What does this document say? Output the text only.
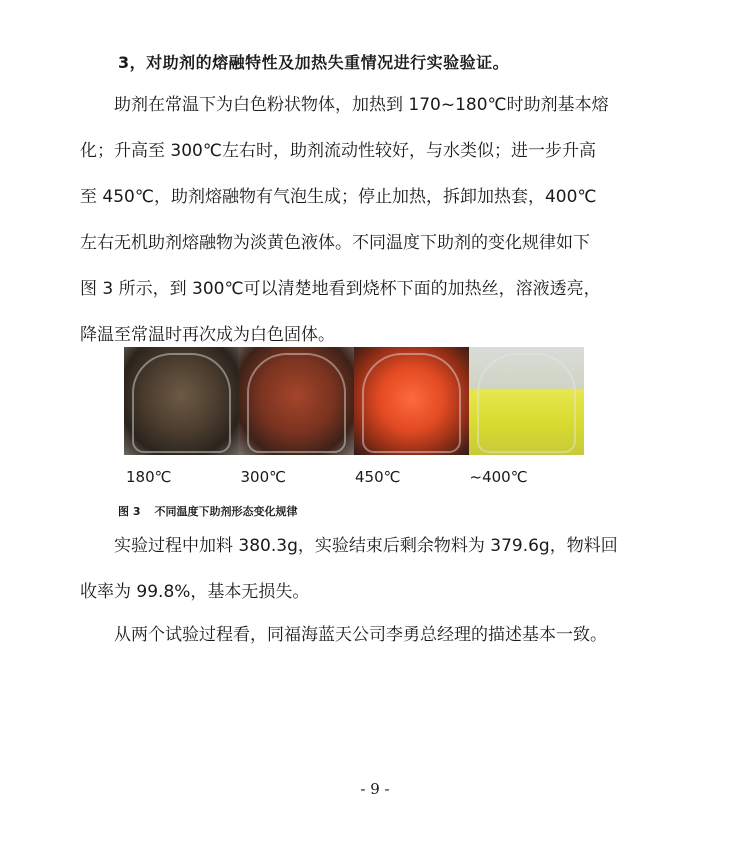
3，对助剂的熔融特性及加热失重情况进行实验验证。

　　助剂在常温下为白色粉状物体，加热到 170~180℃时助剂基本熔
化；升高至 300℃左右时，助剂流动性较好，与水类似；进一步升高
至 450℃，助剂熔融物有气泡生成；停止加热，拆卸加热套，400℃
左右无机助剂熔融物为淡黄色液体。不同温度下助剂的变化规律如下
图 3 所示，到 300℃可以清楚地看到烧杯下面的加热丝，溶液透亮，
降温至常温时再次成为白色固体。

180℃	300℃	450℃	~400℃
图 3 不同温度下助剂形态变化规律

　　实验过程中加料 380.3g，实验结束后剩余物料为 379.6g，物料回
收率为 99.8%，基本无损失。

　　从两个试验过程看，同福海蓝天公司李勇总经理的描述基本一致。

- 9 -
